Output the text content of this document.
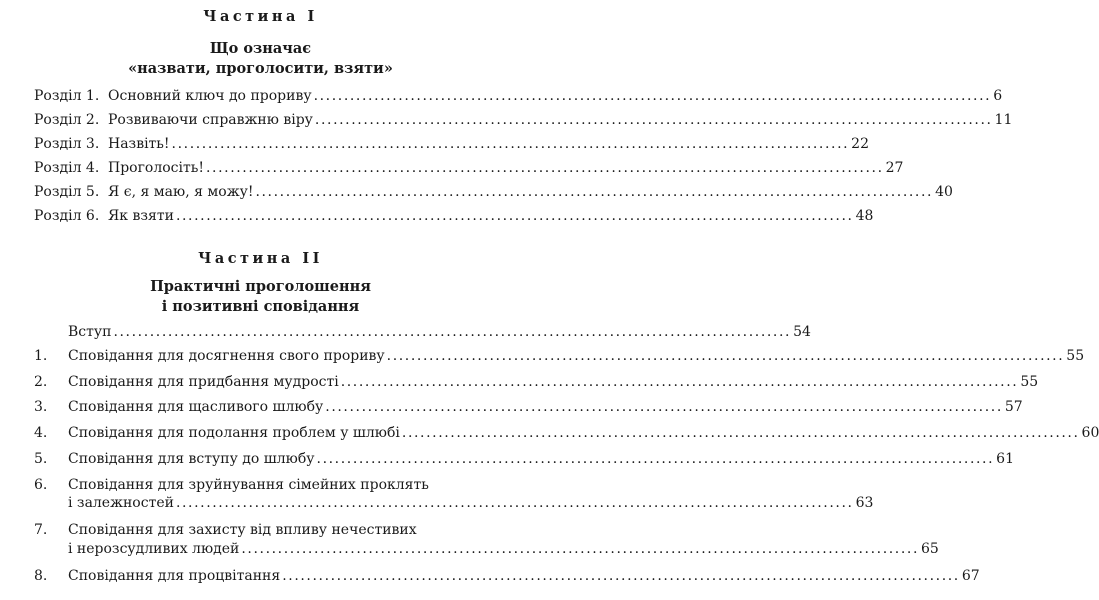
Частина I
Що означає
«назвати, проголосити, взяти»
Розділ 1. Основний ключ до прориву ................................................................................................................ 6
Розділ 2. Розвиваючи справжню віру ................................................................................................................ 11
Розділ 3. Назвіть! ................................................................................................................ 22
Розділ 4. Проголосіть! ................................................................................................................ 27
Розділ 5. Я є, я маю, я можу! ................................................................................................................ 40
Розділ 6. Як взяти ................................................................................................................ 48
Частина II
Практичні проголошення
і позитивні сповідання
Вступ ................................................................................................................ 54
1. Сповідання для досягнення свого прориву ................................................................................................................ 55
2. Сповідання для придбання мудрості ................................................................................................................ 55
3. Сповідання для щасливого шлюбу ................................................................................................................ 57
4. Сповідання для подолання проблем у шлюбі ................................................................................................................ 60
5. Сповідання для вступу до шлюбу ................................................................................................................ 61
6. Сповідання для зруйнування сімейних проклять
і залежностей ................................................................................................................ 63
7. Сповідання для захисту від впливу нечестивих
і нерозсудливих людей ................................................................................................................ 65
8. Сповідання для процвітання ................................................................................................................ 67
